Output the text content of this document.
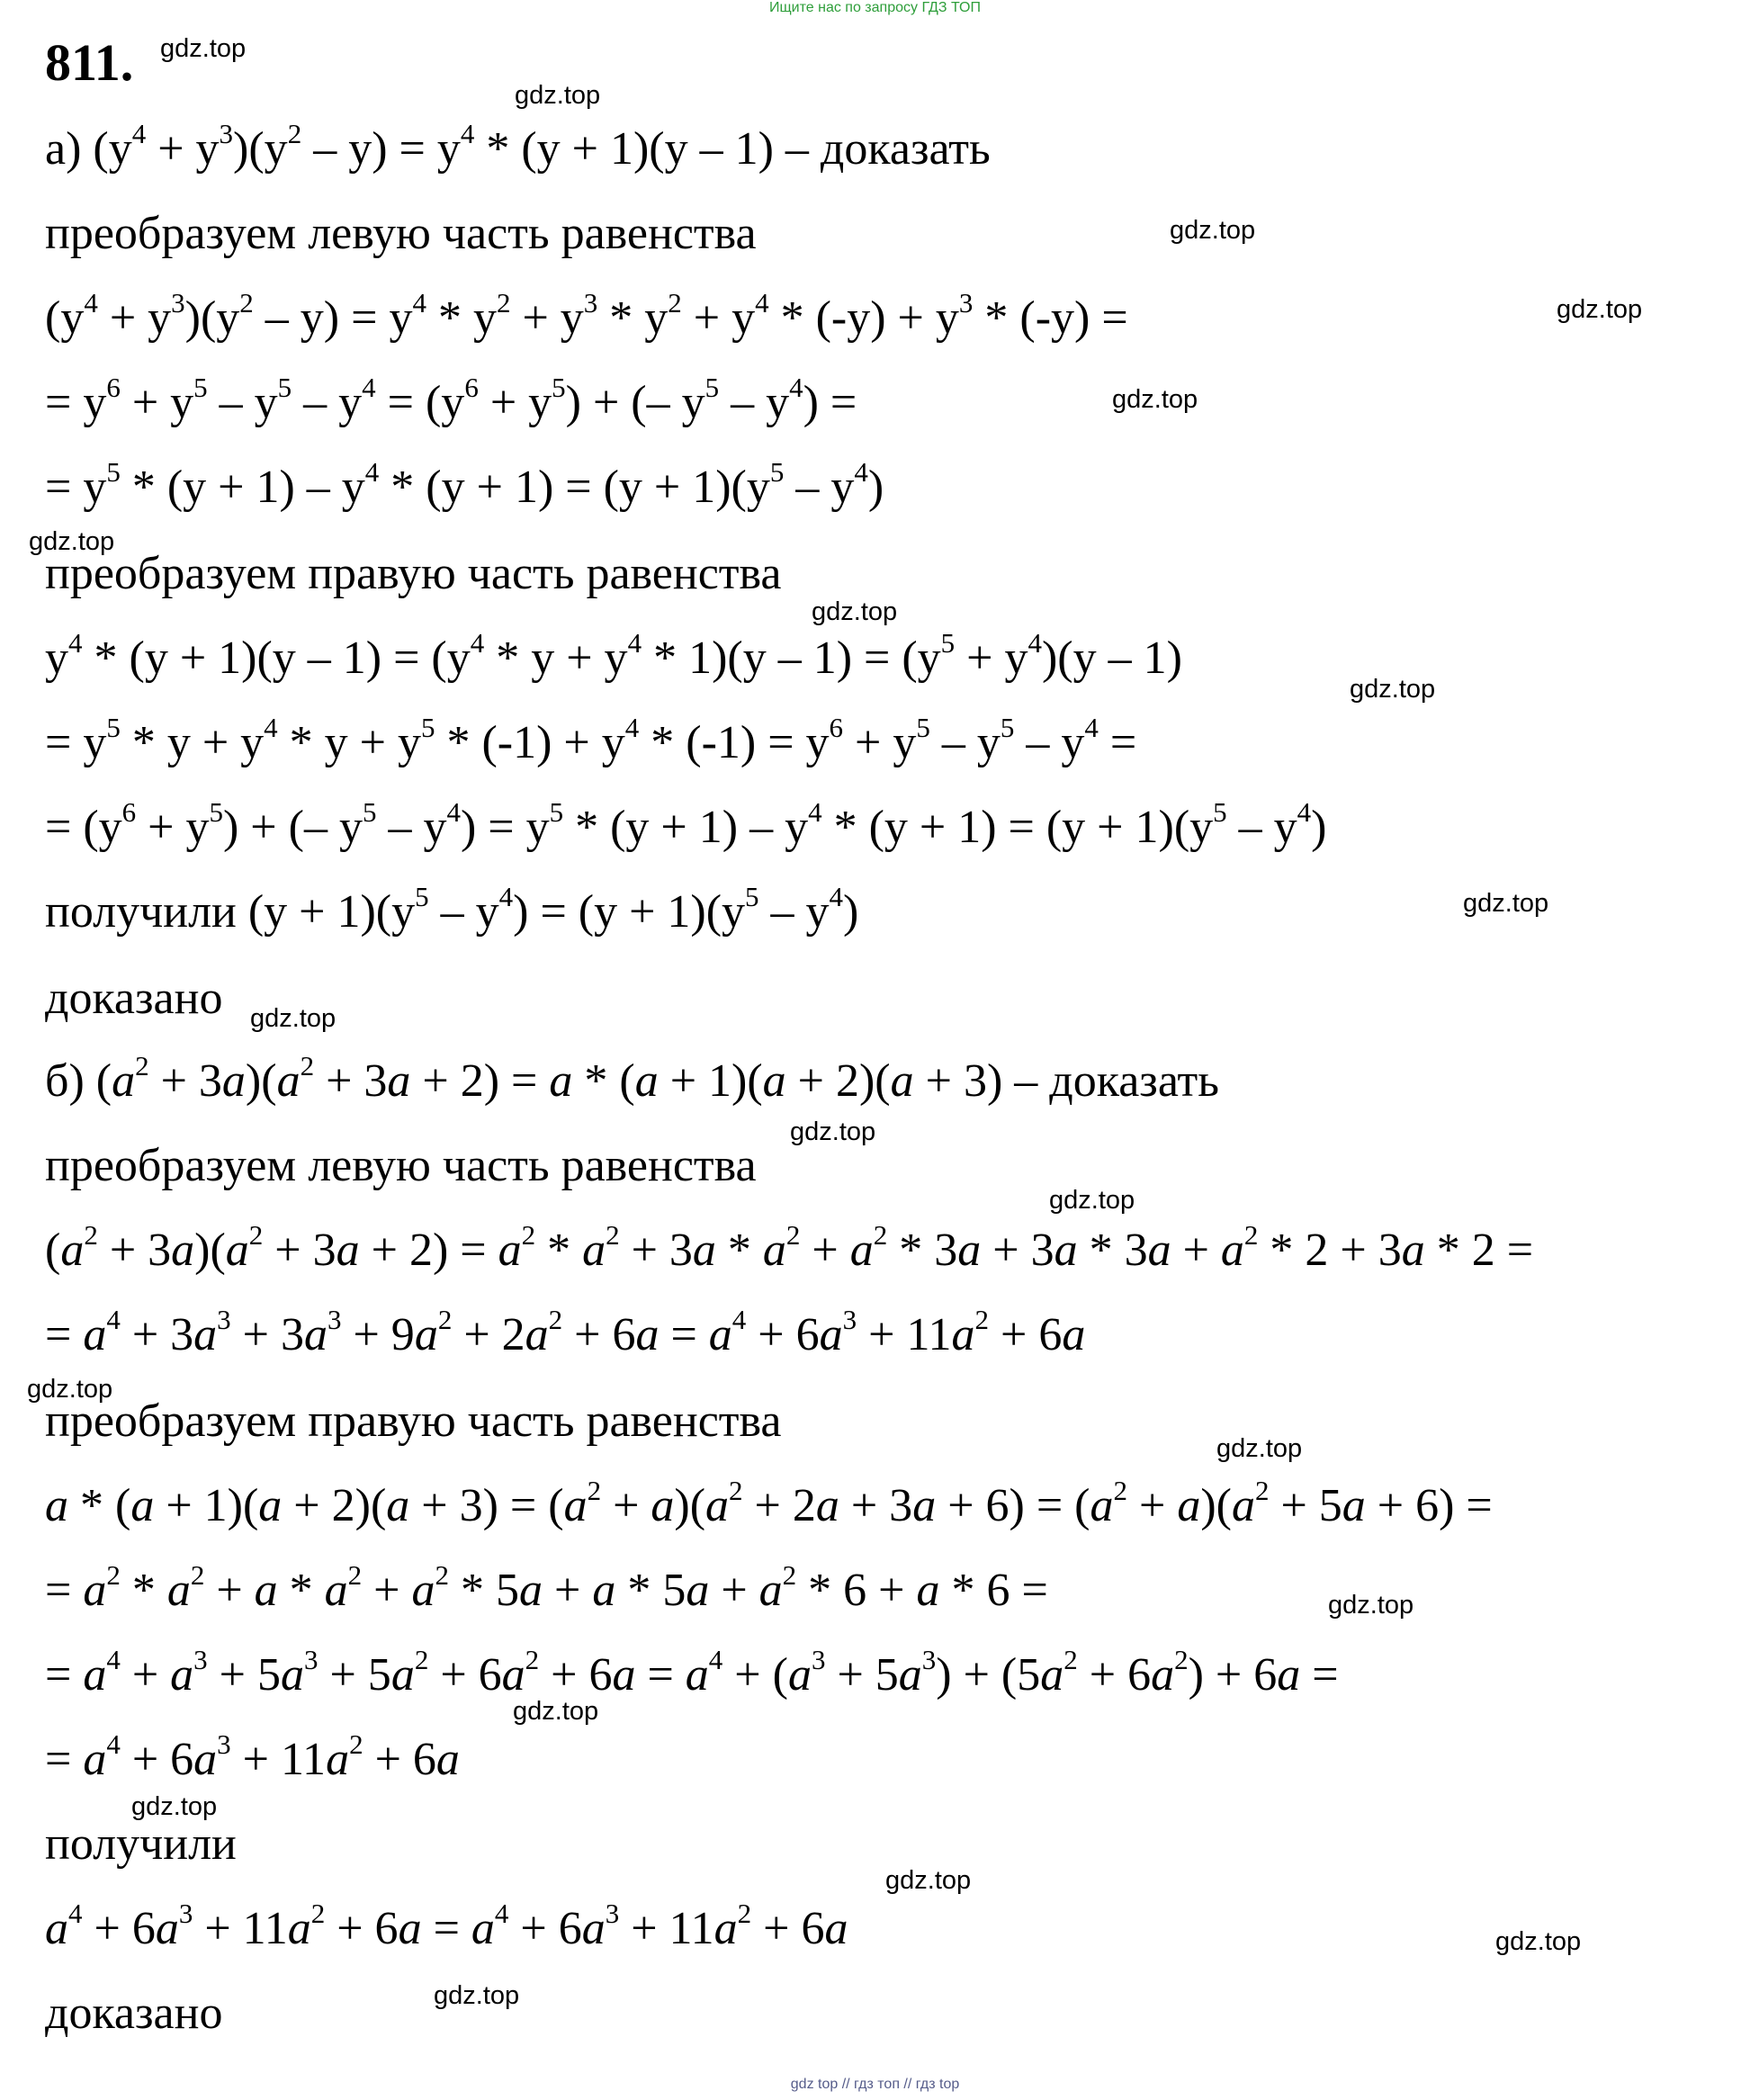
Ищите нас по запросу ГДЗ ТОП
811. gdz.top
gdz.top
gdz.top
gdz.top
gdz.top
gdz.top
gdz.top
gdz.top
gdz.top
gdz.top
gdz.top
gdz.top
gdz.top
gdz.top
gdz.top
gdz.top
gdz.top
gdz.top
gdz.top
gdz.top
а) $(y^4 + y^3)(y^2 - y) = y^4 * (y + 1)(y - 1)$ – доказать
преобразуем левую часть равенства
$(y^4 + y^3)(y^2 - y) = y^4 * y^2 + y^3 * y^2 + y^4 * (-y) + y^3 * (-y)$ =
= $y^6 + y^5 - y^5 - y^4 = (y^6 + y^5)$ + (– $y^5 - y^4$) =
= $y^5 * (y + 1) - y^4 * (y + 1) = (y + 1)(y^5 - y^4)$
преобразуем правую часть равенства
$y^4 * (y + 1)(y - 1) = (y^4 * y + y^4 * 1)(y - 1) = (y^5 + y^4)(y - 1)$
= $y^5 * y + y^4 * y + y^5 * (-1) + y^4 * (-1) = y^6 + y^5 - y^5 - y^4$ =
= $(y^6 + y^5)$ + (– $y^5 - y^4) = y^5 * (y + 1) - y^4 * (y + 1) = (y + 1)(y^5 - y^4)$
получили $(y + 1)(y^5 - y^4) = (y + 1)(y^5 - y^4)$
доказано
б) $(a^2 + 3a)(a^2 + 3a + 2) = a * (a + 1)(a + 2)(a + 3)$ – доказать
преобразуем левую часть равенства
$(a^2 + 3a)(a^2 + 3a + 2) = a^2 * a^2 + 3a * a^2 + a^2 * 3a + 3a * 3a + a^2 * 2 + 3a * 2$ =
= $a^4 + 3a^3 + 3a^3 + 9a^2 + 2a^2 + 6a = a^4 + 6a^3 + 11a^2 + 6a$
преобразуем правую часть равенства
$a * (a + 1)(a + 2)(a + 3) = (a^2 + a)(a^2 + 2a + 3a + 6) = (a^2 + a)(a^2 + 5a + 6)$ =
= $a^2 * a^2 + a * a^2 + a^2 * 5a + a * 5a + a^2 * 6 + a * 6$ =
= $a^4 + a^3 + 5a^3 + 5a^2 + 6a^2 + 6a = a^4 + (a^3 + 5a^3) + (5a^2 + 6a^2) + 6a$ =
= $a^4 + 6a^3 + 11a^2 + 6a$
получили
$a^4 + 6a^3 + 11a^2 + 6a = a^4 + 6a^3 + 11a^2 + 6a$
доказано
gdz top // гдз топ // гдз top
